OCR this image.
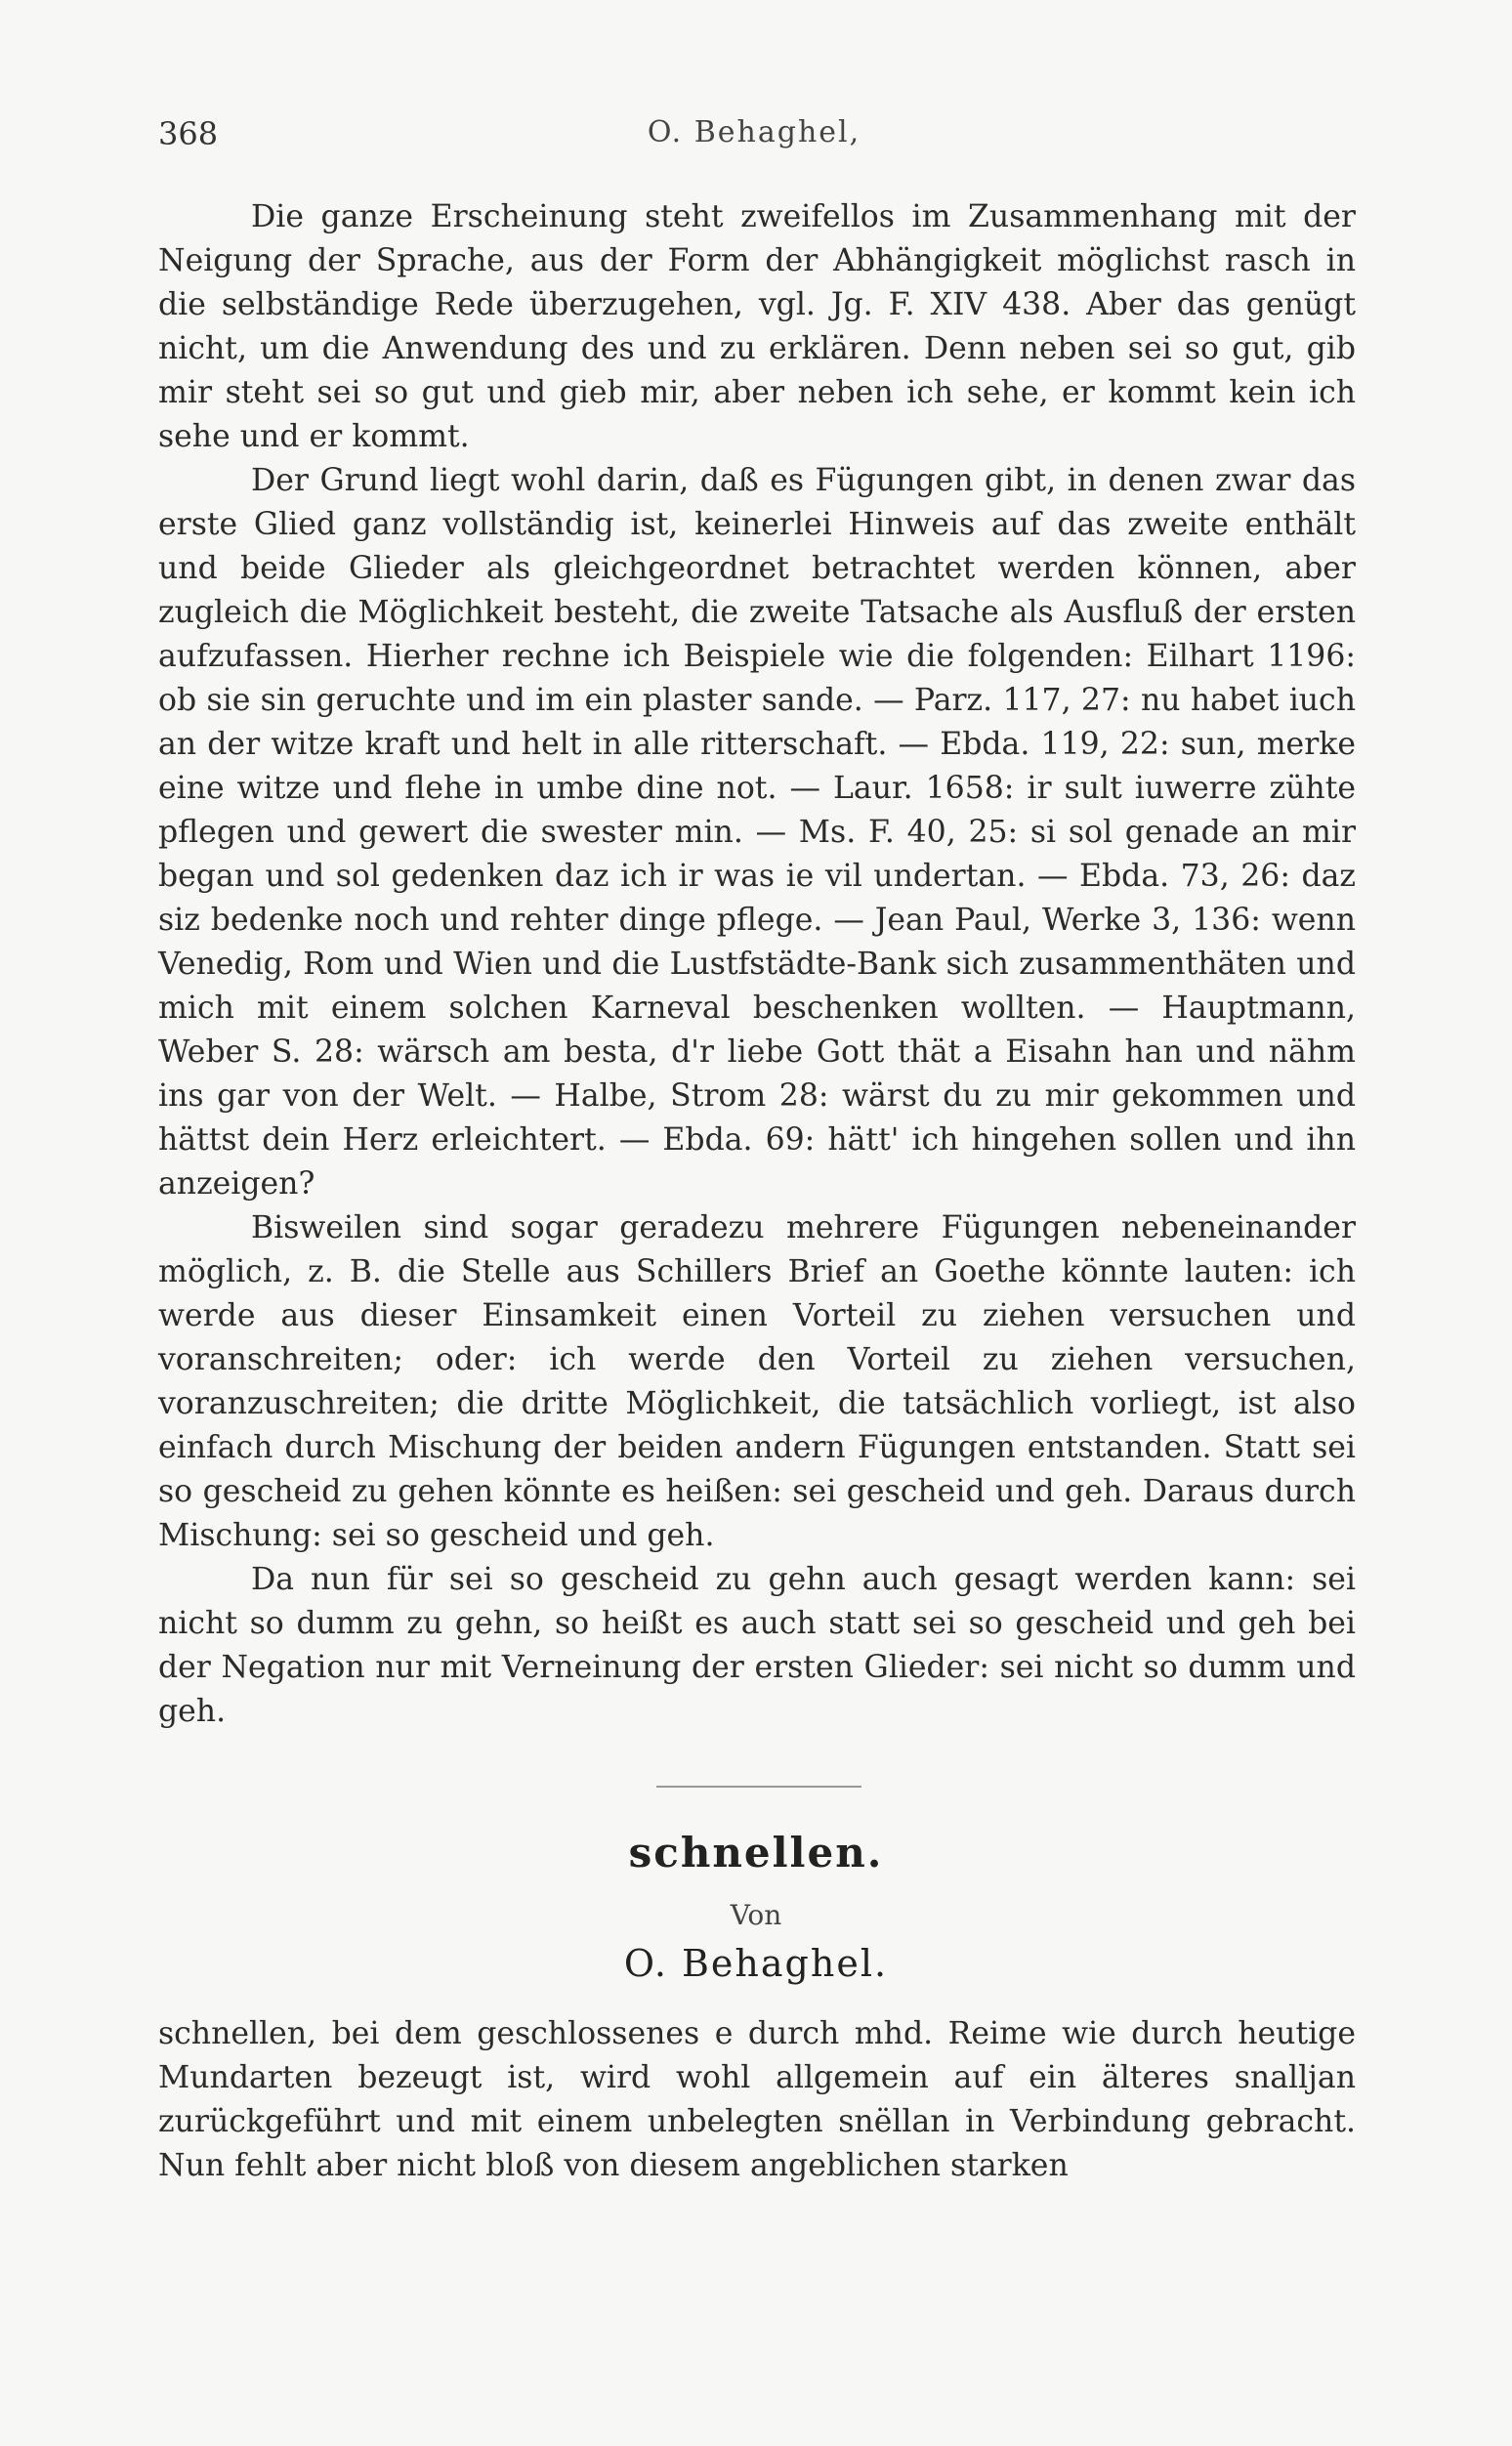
368	O. Behaghel,

Die ganze Erscheinung steht zweifellos im Zusammenhang mit der Neigung der Sprache, aus der Form der Abhängigkeit möglichst rasch in die selbständige Rede überzugehen, vgl. Jg. F. XIV 438. Aber das genügt nicht, um die Anwendung des und zu erklären. Denn neben sei so gut, gib mir steht sei so gut und gieb mir, aber neben ich sehe, er kommt kein ich sehe und er kommt.

Der Grund liegt wohl darin, daß es Fügungen gibt, in denen zwar das erste Glied ganz vollständig ist, keinerlei Hinweis auf das zweite enthält und beide Glieder als gleichgeordnet betrachtet werden können, aber zugleich die Möglichkeit besteht, die zweite Tatsache als Ausfluß der ersten aufzufassen. Hierher rechne ich Beispiele wie die folgenden: Eilhart 1196: ob sie sin geruchte und im ein plaster sande. — Parz. 117, 27: nu habet iuch an der witze kraft und helt in alle ritterschaft. — Ebda. 119, 22: sun, merke eine witze und flehe in umbe dine not. — Laur. 1658: ir sult iuwerre zühte pflegen und gewert die swester min. — Ms. F. 40, 25: si sol genade an mir began und sol gedenken daz ich ir was ie vil undertan. — Ebda. 73, 26: daz siz bedenke noch und rehter dinge pflege. — Jean Paul, Werke 3, 136: wenn Venedig, Rom und Wien und die Lustfstädte-Bank sich zusammenthäten und mich mit einem solchen Karneval beschenken wollten. — Hauptmann, Weber S. 28: wärsch am besta, d'r liebe Gott thät a Eisahn han und nähm ins gar von der Welt. — Halbe, Strom 28: wärst du zu mir gekommen und hättst dein Herz erleichtert. — Ebda. 69: hätt' ich hingehen sollen und ihn anzeigen?

Bisweilen sind sogar geradezu mehrere Fügungen nebeneinander möglich, z. B. die Stelle aus Schillers Brief an Goethe könnte lauten: ich werde aus dieser Einsamkeit einen Vorteil zu ziehen versuchen und voranschreiten; oder: ich werde den Vorteil zu ziehen versuchen, voranzuschreiten; die dritte Möglichkeit, die tatsächlich vorliegt, ist also einfach durch Mischung der beiden andern Fügungen entstanden. Statt sei so gescheid zu gehen könnte es heißen: sei gescheid und geh. Daraus durch Mischung: sei so gescheid und geh.

Da nun für sei so gescheid zu gehn auch gesagt werden kann: sei nicht so dumm zu gehn, so heißt es auch statt sei so gescheid und geh bei der Negation nur mit Verneinung der ersten Glieder: sei nicht so dumm und geh.

schnellen.
Von
O. Behaghel.

schnellen, bei dem geschlossenes e durch mhd. Reime wie durch heutige Mundarten bezeugt ist, wird wohl allgemein auf ein älteres snalljan zurückgeführt und mit einem unbelegten snëllan in Verbindung gebracht. Nun fehlt aber nicht bloß von diesem angeblichen starken
